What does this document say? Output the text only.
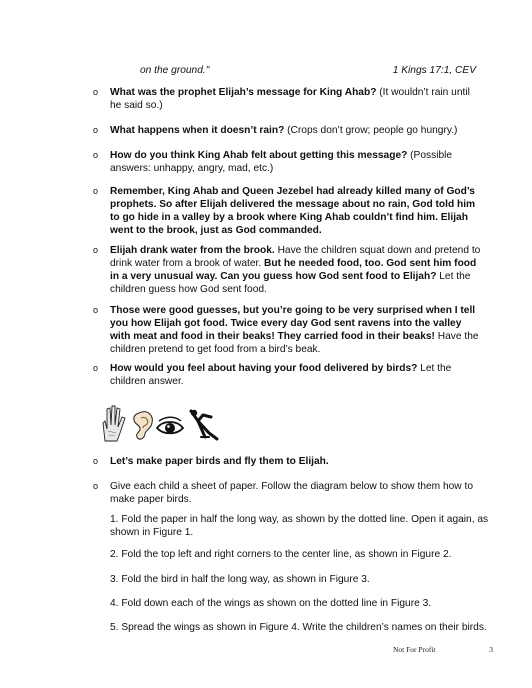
on the ground."	1 Kings 17:1, CEV
o What was the prophet Elijah’s message for King Ahab? (It wouldn’t rain until he said so.)
o What happens when it doesn’t rain? (Crops don’t grow; people go hungry.)
o How do you think King Ahab felt about getting this message? (Possible answers: unhappy, angry, mad, etc.)
o Remember, King Ahab and Queen Jezebel had already killed many of God’s prophets. So after Elijah delivered the message about no rain, God told him to go hide in a valley by a brook where King Ahab couldn’t find him. Elijah went to the brook, just as God commanded.
o Elijah drank water from the brook. Have the children squat down and pretend to drink water from a brook of water. But he needed food, too. God sent him food in a very unusual way. Can you guess how God sent food to Elijah? Let the children guess how God sent food.
o Those were good guesses, but you’re going to be very surprised when I tell you how Elijah got food. Twice every day God sent ravens into the valley with meat and food in their beaks! They carried food in their beaks! Have the children pretend to get food from a bird’s beak.
o How would you feel about having your food delivered by birds? Let the children answer.
o Let’s make paper birds and fly them to Elijah.
o Give each child a sheet of paper. Follow the diagram below to show them how to make paper birds.
1. Fold the paper in half the long way, as shown by the dotted line. Open it again, as shown in Figure 1.
2. Fold the top left and right corners to the center line, as shown in Figure 2.
3. Fold the bird in half the long way, as shown in Figure 3.
4. Fold down each of the wings as shown on the dotted line in Figure 3.
5. Spread the wings as shown in Figure 4. Write the children’s names on their birds.
Not For Profit	3
